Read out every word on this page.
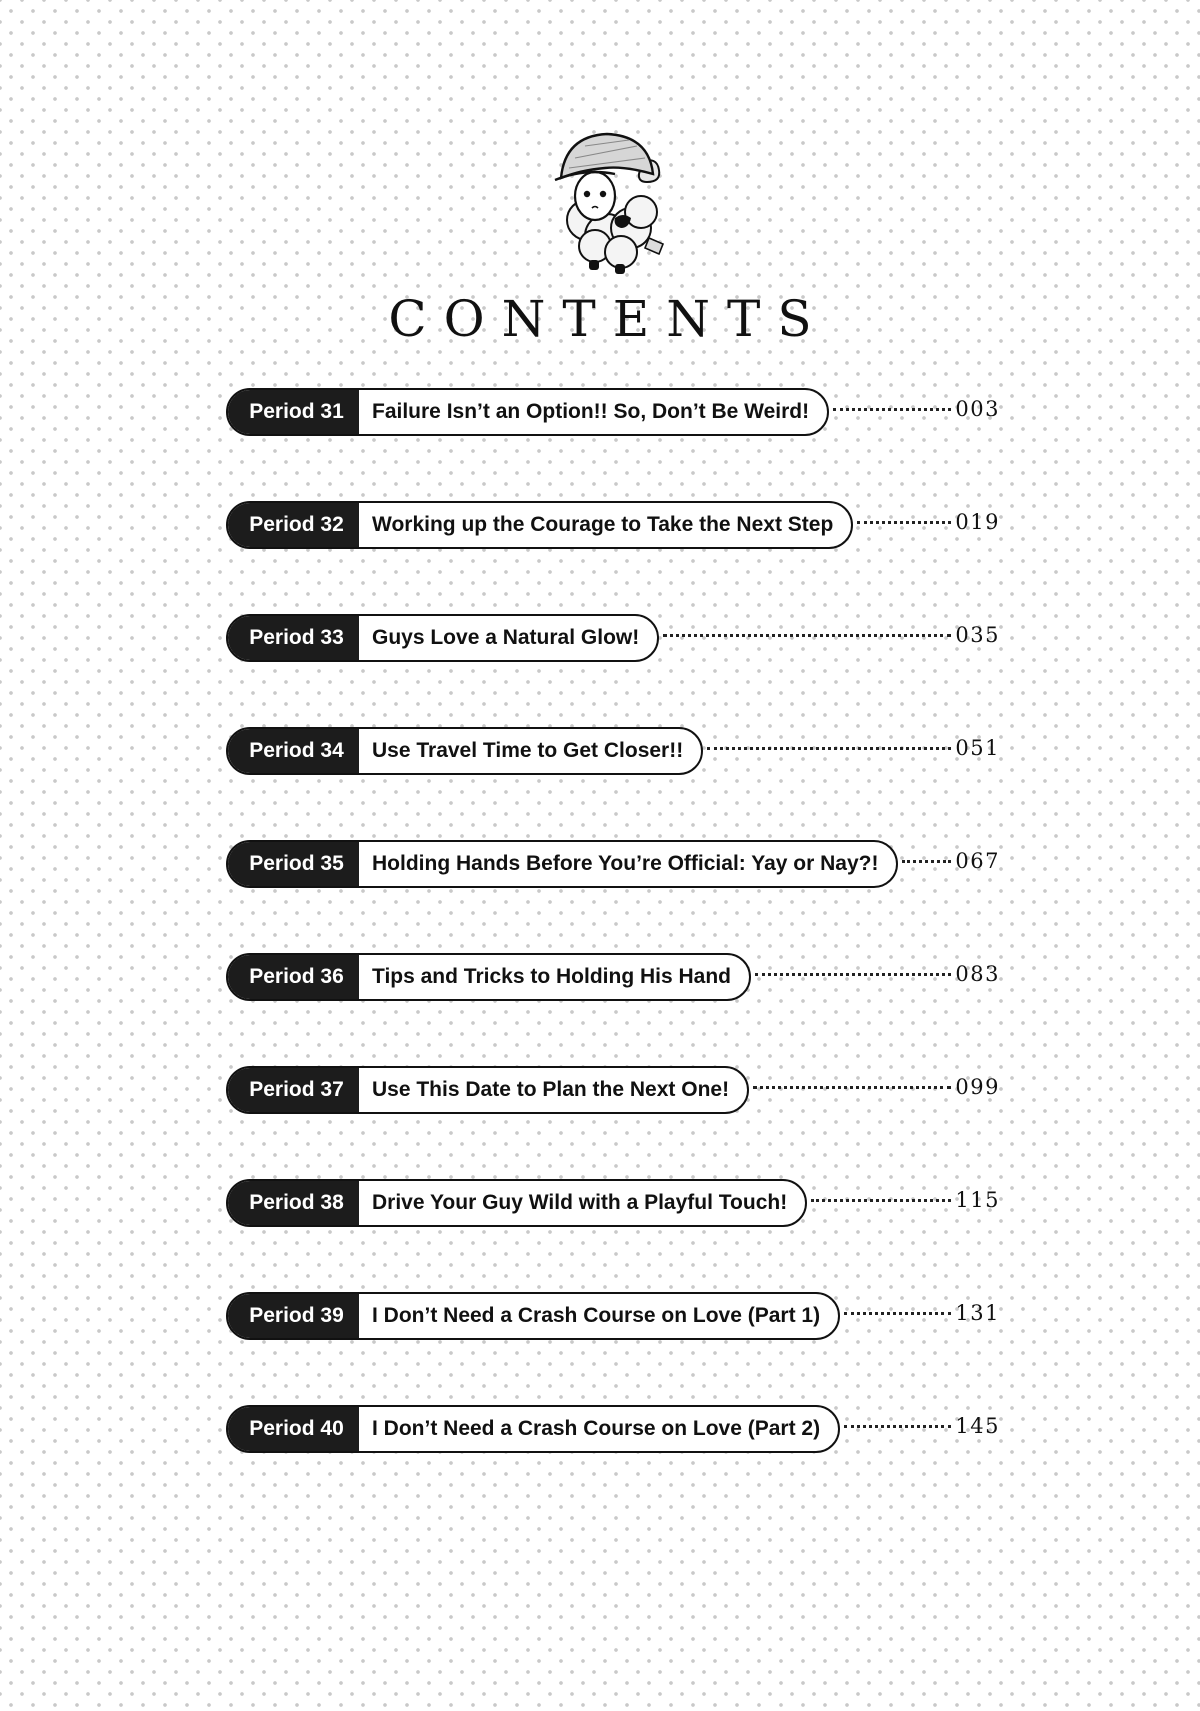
CONTENTS
Period 31	Failure Isn’t an Option!! So, Don’t Be Weird!	003
Period 32	Working up the Courage to Take the Next Step	019
Period 33	Guys Love a Natural Glow!	035
Period 34	Use Travel Time to Get Closer!!	051
Period 35	Holding Hands Before You’re Official: Yay or Nay?!	067
Period 36	Tips and Tricks to Holding His Hand	083
Period 37	Use This Date to Plan the Next One!	099
Period 38	Drive Your Guy Wild with a Playful Touch!	115
Period 39	I Don’t Need a Crash Course on Love (Part 1)	131
Period 40	I Don’t Need a Crash Course on Love (Part 2)	145
